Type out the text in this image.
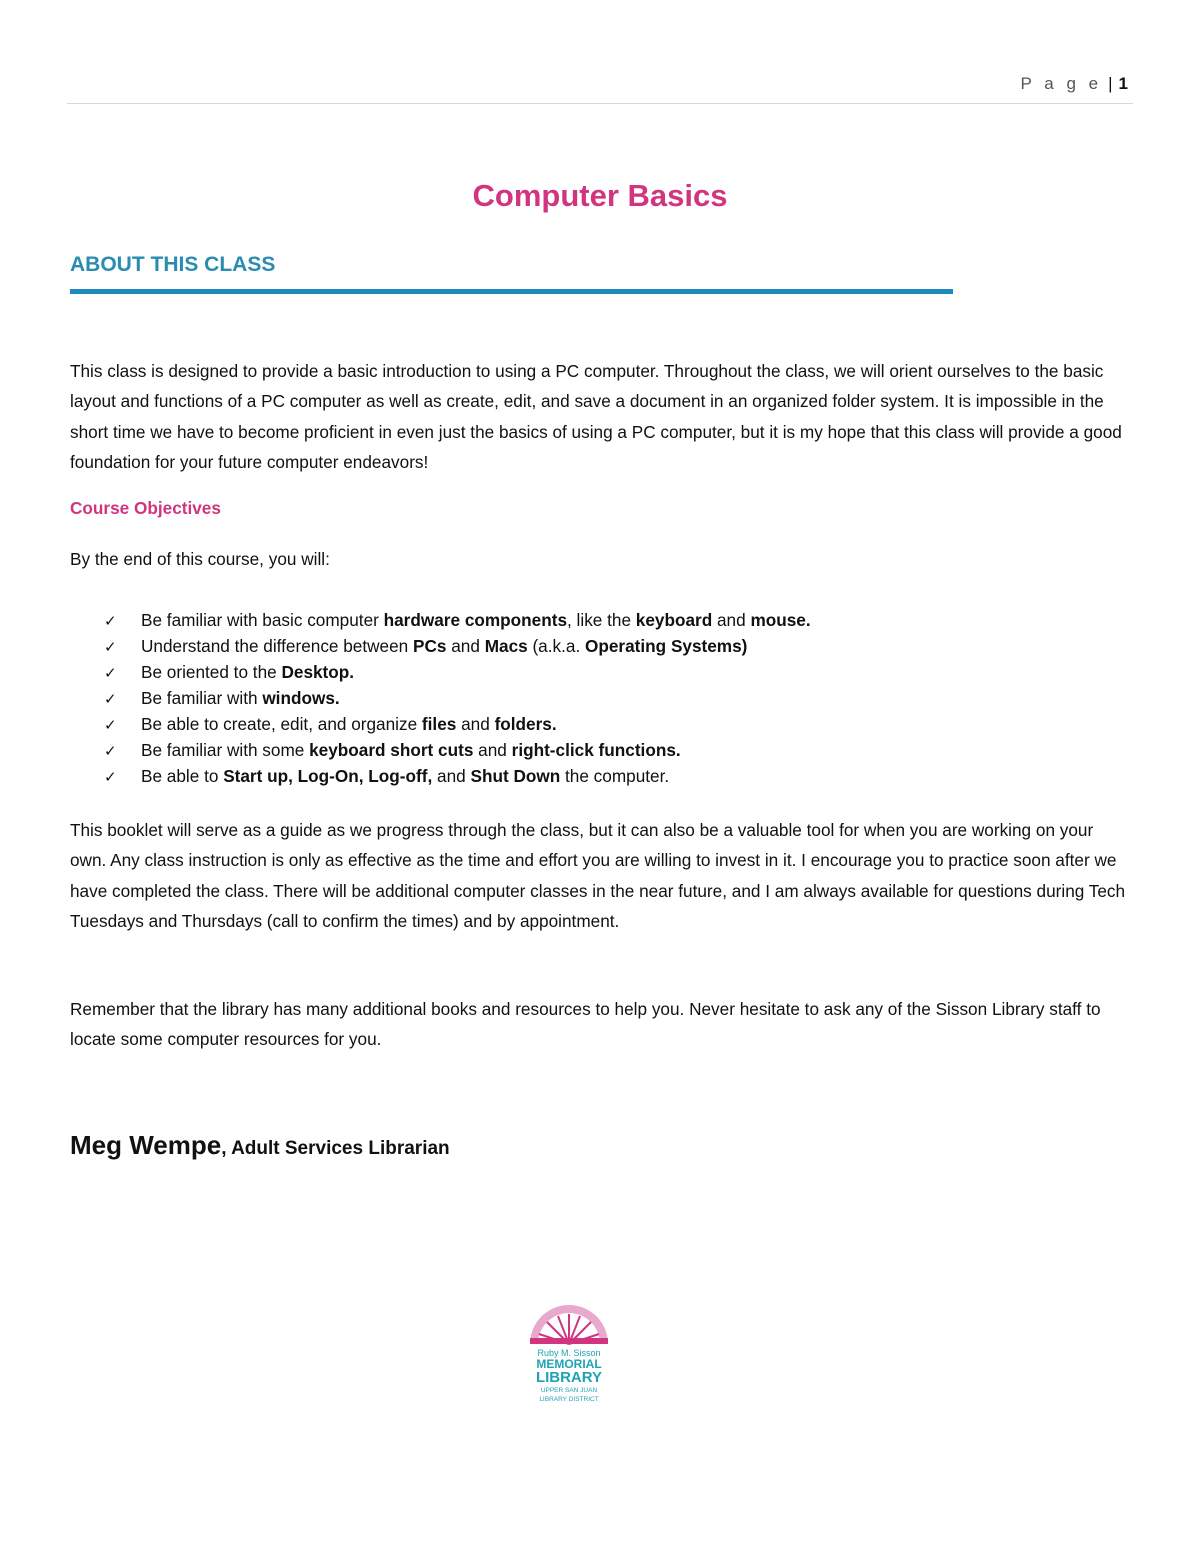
P a g e | 1
Computer Basics
ABOUT THIS CLASS

This class is designed to provide a basic introduction to using a PC computer. Throughout the class, we will orient ourselves to the basic layout and functions of a PC computer as well as create, edit, and save a document in an organized folder system. It is impossible in the short time we have to become proficient in even just the basics of using a PC computer, but it is my hope that this class will provide a good foundation for your future computer endeavors!

Course Objectives
By the end of this course, you will:
✓ Be familiar with basic computer hardware components, like the keyboard and mouse.
✓ Understand the difference between PCs and Macs (a.k.a. Operating Systems)
✓ Be oriented to the Desktop.
✓ Be familiar with windows.
✓ Be able to create, edit, and organize files and folders.
✓ Be familiar with some keyboard short cuts and right-click functions.
✓ Be able to Start up, Log-On, Log-off, and Shut Down the computer.

This booklet will serve as a guide as we progress through the class, but it can also be a valuable tool for when you are working on your own. Any class instruction is only as effective as the time and effort you are willing to invest in it. I encourage you to practice soon after we have completed the class. There will be additional computer classes in the near future, and I am always available for questions during Tech Tuesdays and Thursdays (call to confirm the times) and by appointment.

Remember that the library has many additional books and resources to help you. Never hesitate to ask any of the Sisson Library staff to locate some computer resources for you.

Meg Wempe, Adult Services Librarian
Ruby M. Sisson
MEMORIAL
LIBRARY
UPPER SAN JUAN
LIBRARY DISTRICT
